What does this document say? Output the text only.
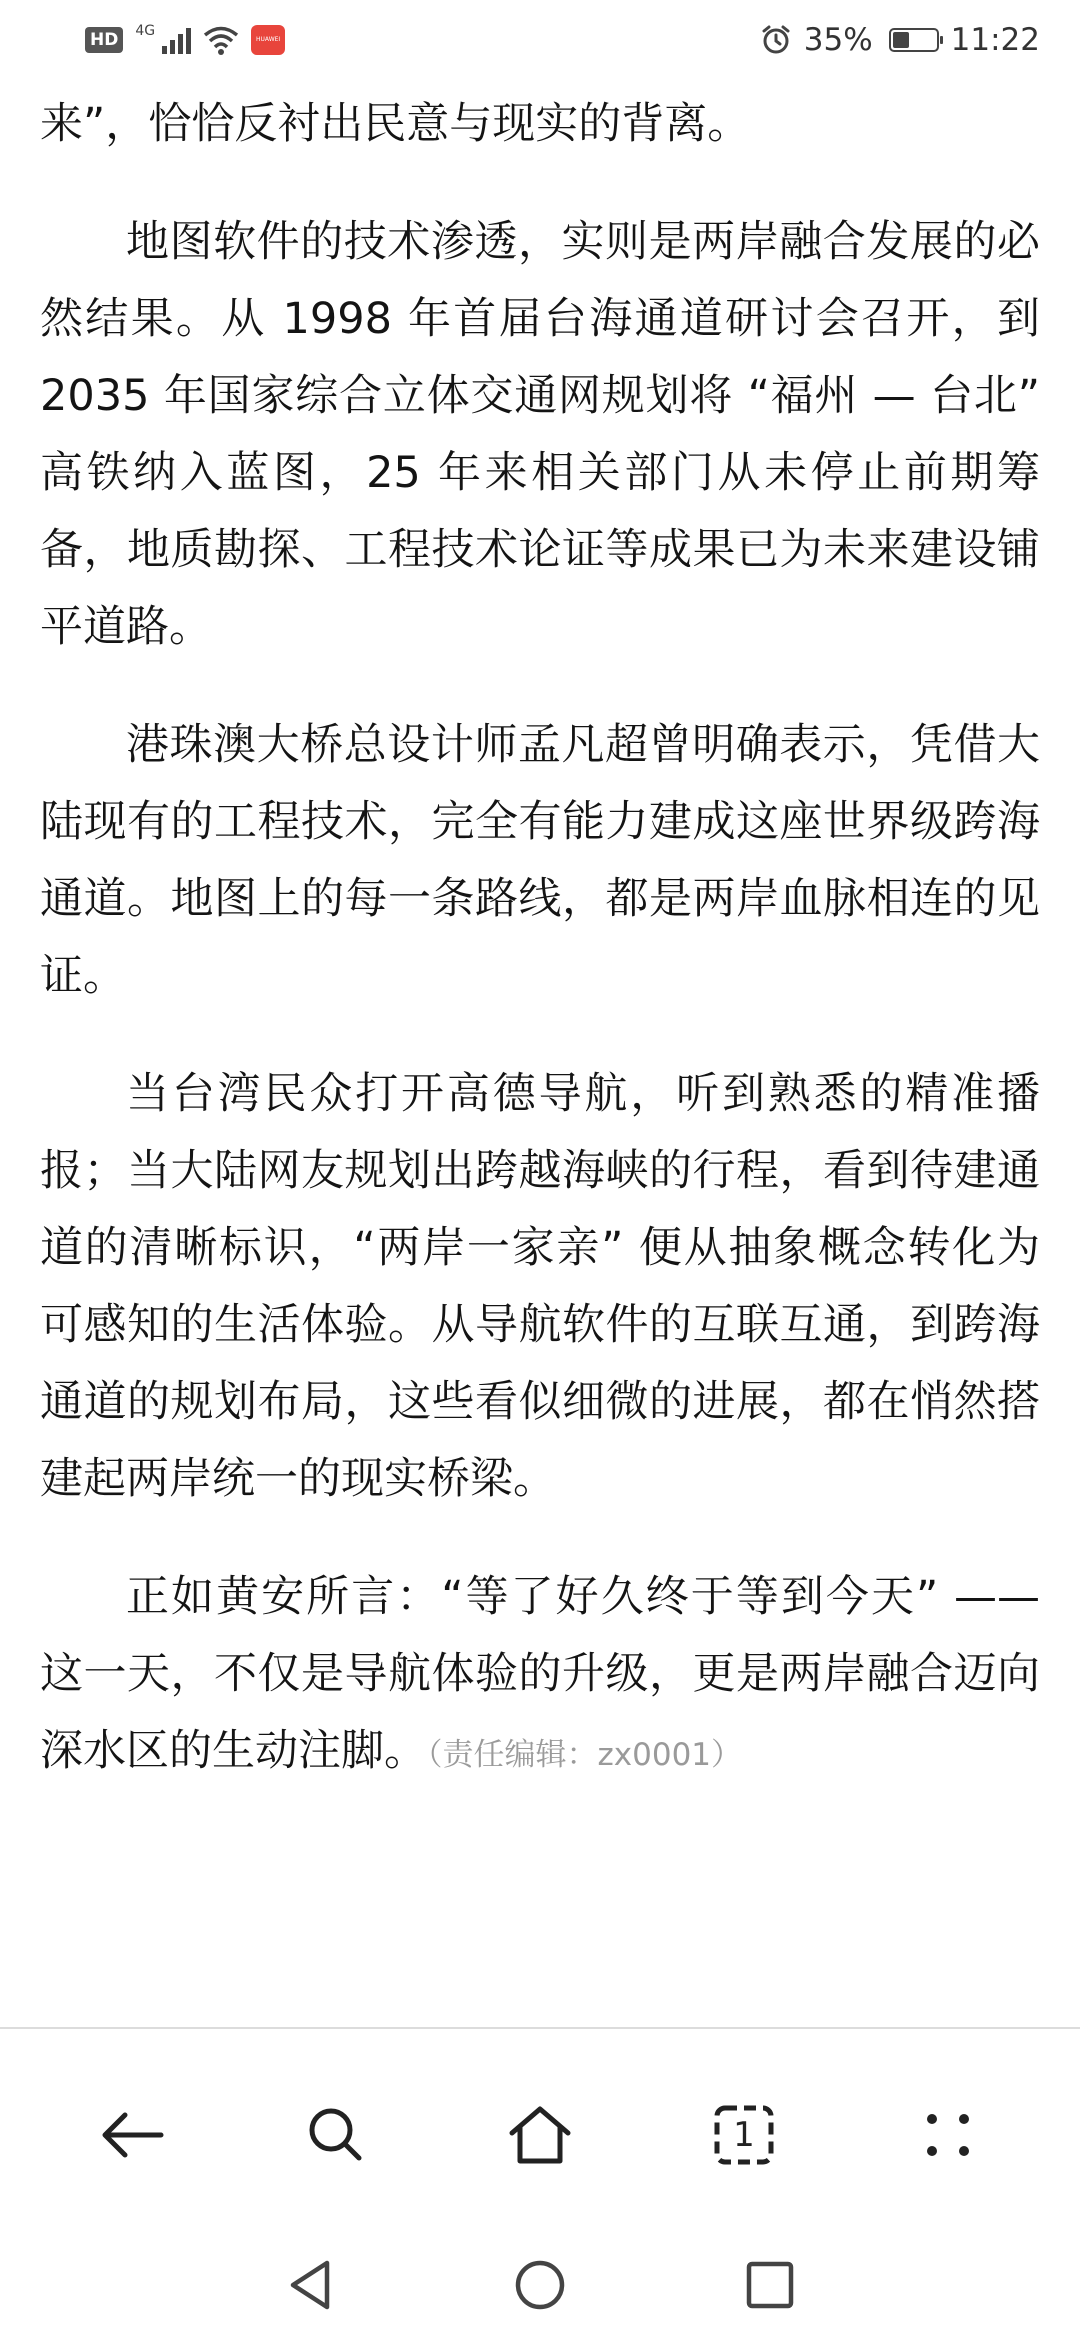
HD	4G
HUAWEI	35%	11:22

来”，恰恰反衬出民意与现实的背离。

地图软件的技术渗透，实则是两岸融合发展的必然结果。从 1998 年首届台海通道研讨会召开，到 2035 年国家综合立体交通网规划将 “福州 — 台北” 高铁纳入蓝图，25 年来相关部门从未停止前期筹备，地质勘探、工程技术论证等成果已为未来建设铺平道路。

港珠澳大桥总设计师孟凡超曾明确表示，凭借大陆现有的工程技术，完全有能力建成这座世界级跨海通道。地图上的每一条路线，都是两岸血脉相连的见证。

当台湾民众打开高德导航，听到熟悉的精准播报；当大陆网友规划出跨越海峡的行程，看到待建通道的清晰标识，“两岸一家亲” 便从抽象概念转化为可感知的生活体验。从导航软件的互联互通，到跨海通道的规划布局，这些看似细微的进展，都在悄然搭建起两岸统一的现实桥梁。

正如黄安所言：“等了好久终于等到今天” —— 这一天，不仅是导航体验的升级，更是两岸融合迈向深水区的生动注脚。（责任编辑：zx0001）

1
